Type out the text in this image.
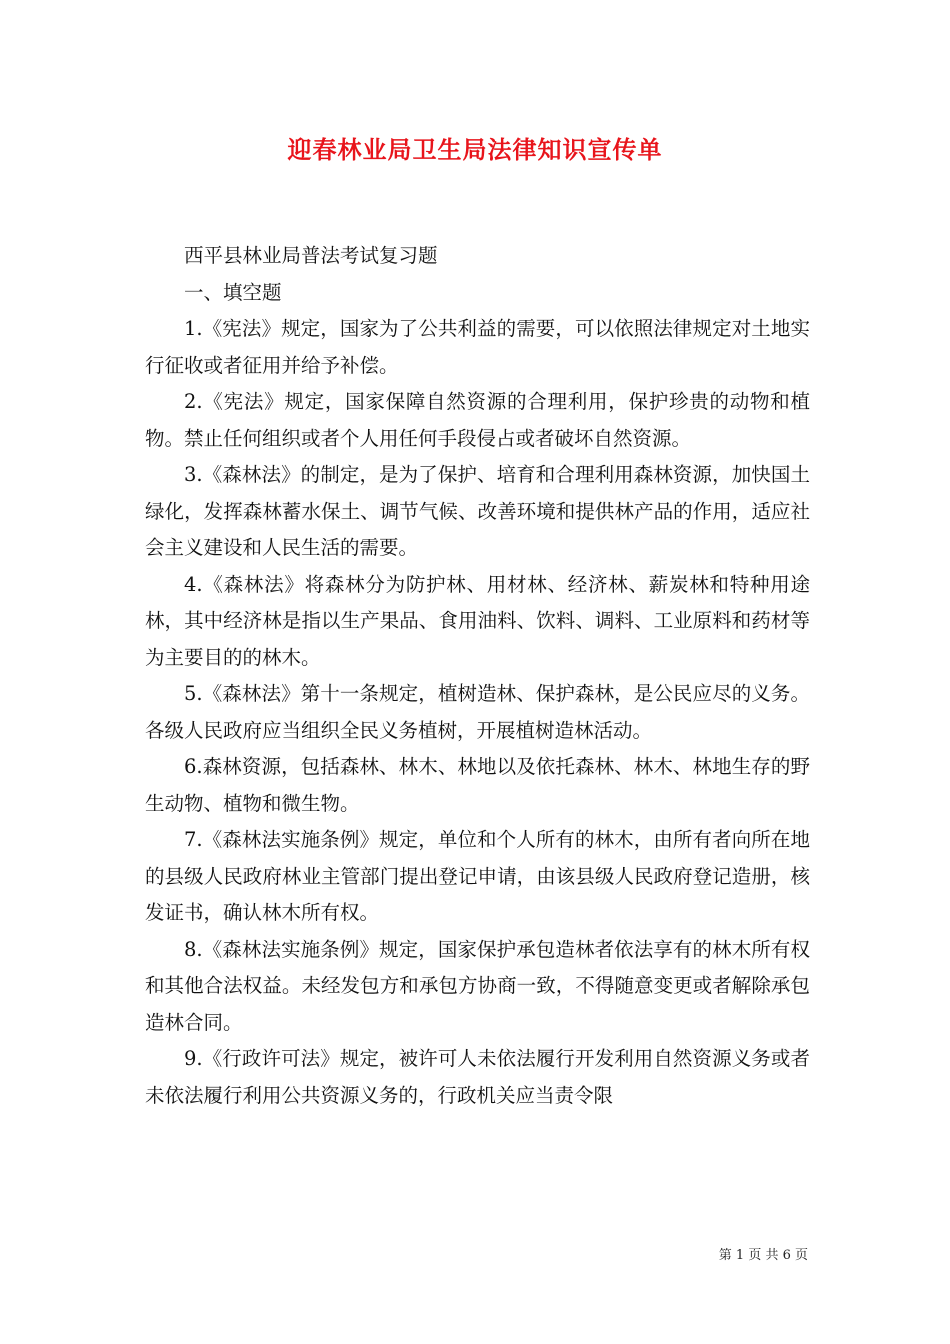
迎春林业局卫生局法律知识宣传单

西平县林业局普法考试复习题

一、填空题

1.《宪法》规定，国家为了公共利益的需要，可以依照法律规定对土地实行征收或者征用并给予补偿。

2.《宪法》规定，国家保障自然资源的合理利用，保护珍贵的动物和植物。禁止任何组织或者个人用任何手段侵占或者破坏自然资源。

3.《森林法》的制定，是为了保护、培育和合理利用森林资源，加快国土绿化，发挥森林蓄水保土、调节气候、改善环境和提供林产品的作用，适应社会主义建设和人民生活的需要。

4.《森林法》将森林分为防护林、用材林、经济林、薪炭林和特种用途林，其中经济林是指以生产果品、食用油料、饮料、调料、工业原料和药材等为主要目的的林木。

5.《森林法》第十一条规定，植树造林、保护森林，是公民应尽的义务。各级人民政府应当组织全民义务植树，开展植树造林活动。

6.森林资源，包括森林、林木、林地以及依托森林、林木、林地生存的野生动物、植物和微生物。

7.《森林法实施条例》规定，单位和个人所有的林木，由所有者向所在地的县级人民政府林业主管部门提出登记申请，由该县级人民政府登记造册，核发证书，确认林木所有权。

8.《森林法实施条例》规定，国家保护承包造林者依法享有的林木所有权和其他合法权益。未经发包方和承包方协商一致，不得随意变更或者解除承包造林合同。

9.《行政许可法》规定，被许可人未依法履行开发利用自然资源义务或者未依法履行利用公共资源义务的，行政机关应当责令限

第 1 页 共 6 页
